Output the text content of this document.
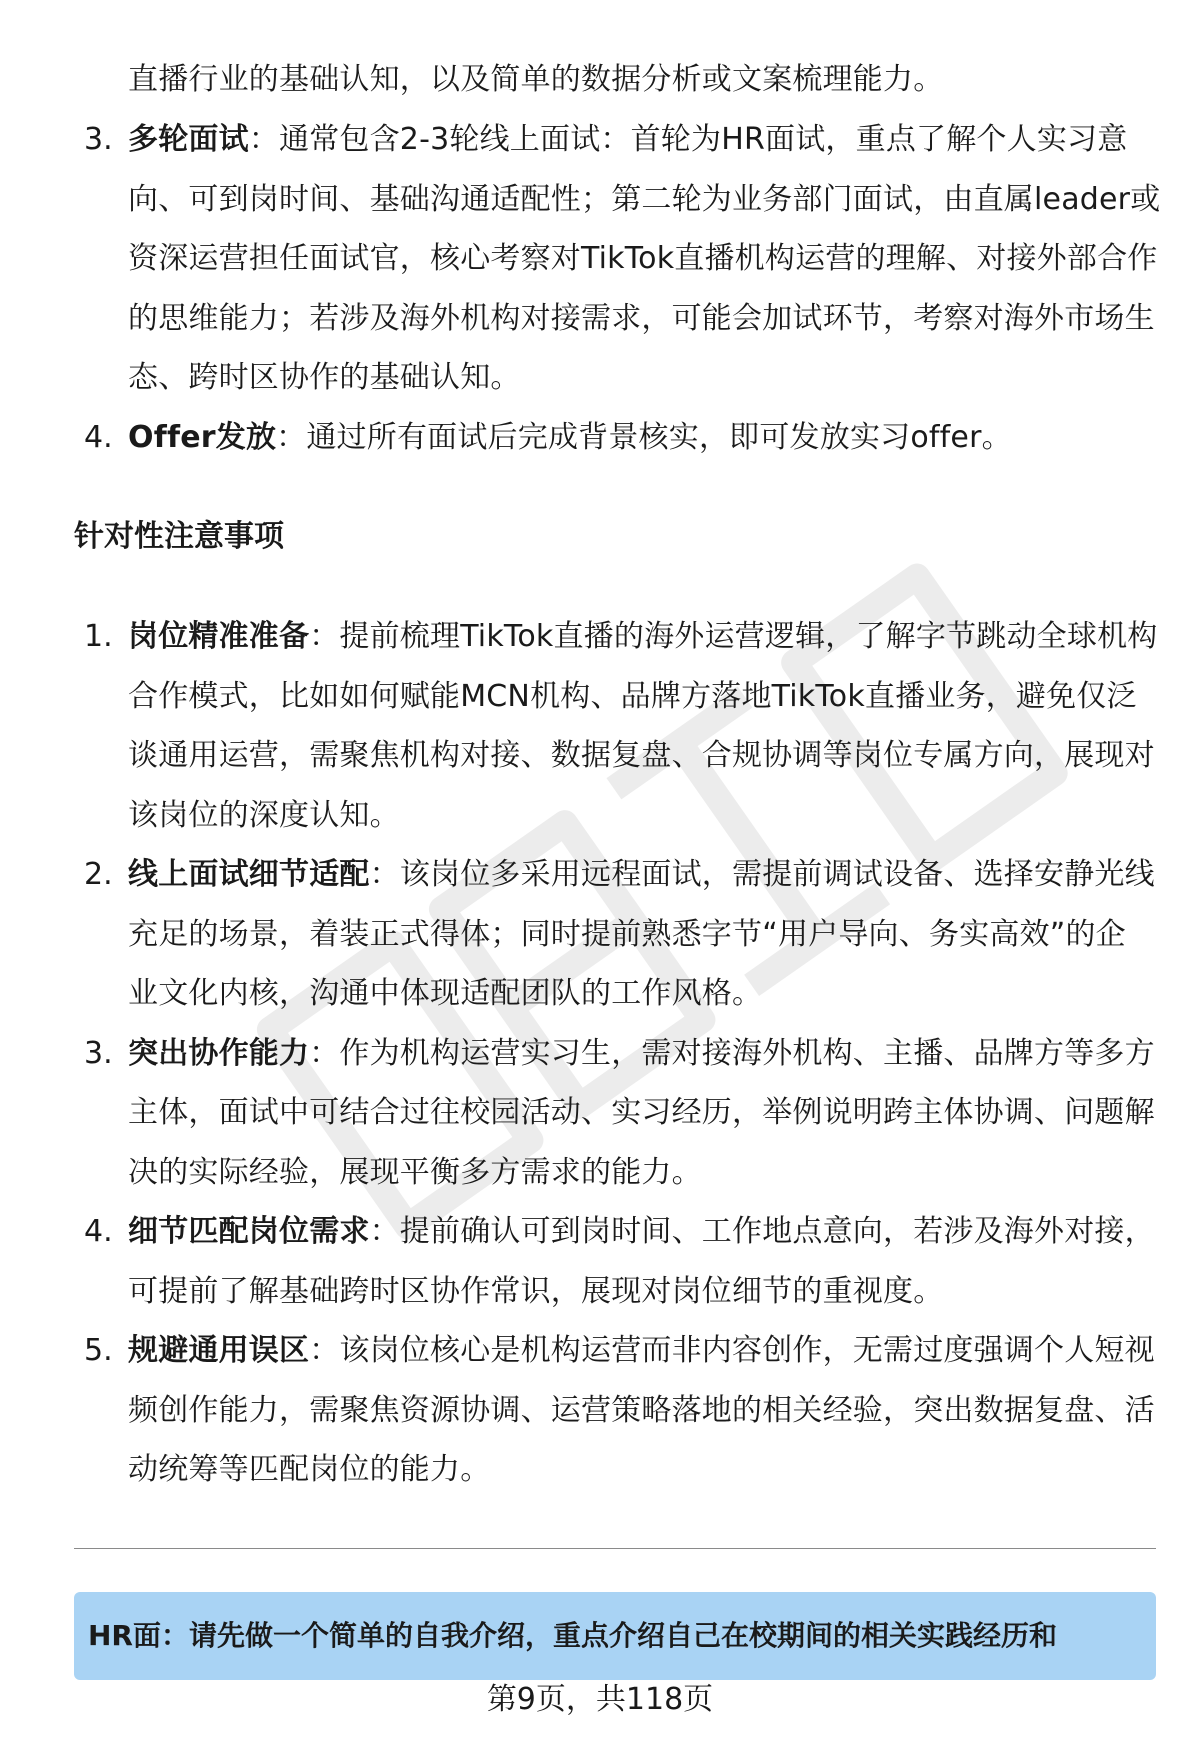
直播行业的基础认知，以及简单的数据分析或文案梳理能力。
3. 多轮面试：通常包含2-3轮线上面试：首轮为HR面试，重点了解个人实习意
向、可到岗时间、基础沟通适配性；第二轮为业务部门面试，由直属leader或
资深运营担任面试官，核心考察对TikTok直播机构运营的理解、对接外部合作
的思维能力；若涉及海外机构对接需求，可能会加试环节，考察对海外市场生
态、跨时区协作的基础认知。
4. Offer发放：通过所有面试后完成背景核实，即可发放实习offer。
针对性注意事项
1. 岗位精准准备：提前梳理TikTok直播的海外运营逻辑，了解字节跳动全球机构
合作模式，比如如何赋能MCN机构、品牌方落地TikTok直播业务，避免仅泛
谈通用运营，需聚焦机构对接、数据复盘、合规协调等岗位专属方向，展现对
该岗位的深度认知。
2. 线上面试细节适配：该岗位多采用远程面试，需提前调试设备、选择安静光线
充足的场景，着装正式得体；同时提前熟悉字节“用户导向、务实高效”的企
业文化内核，沟通中体现适配团队的工作风格。
3. 突出协作能力：作为机构运营实习生，需对接海外机构、主播、品牌方等多方
主体，面试中可结合过往校园活动、实习经历，举例说明跨主体协调、问题解
决的实际经验，展现平衡多方需求的能力。
4. 细节匹配岗位需求：提前确认可到岗时间、工作地点意向，若涉及海外对接，
可提前了解基础跨时区协作常识，展现对岗位细节的重视度。
5. 规避通用误区：该岗位核心是机构运营而非内容创作，无需过度强调个人短视
频创作能力，需聚焦资源协调、运营策略落地的相关经验，突出数据复盘、活
动统筹等匹配岗位的能力。
HR面：请先做一个简单的自我介绍，重点介绍自己在校期间的相关实践经历和
第9页，共118页
